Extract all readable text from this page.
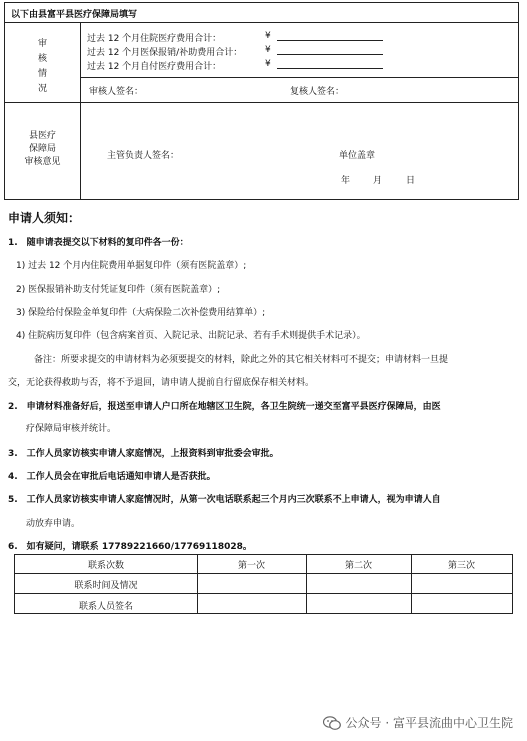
以下由县富平县医疗保障局填写
审
核
情
况
过去 12 个月住院医疗费用合计：	¥
过去 12 个月医保报销/补助费用合计：	¥
过去 12 个月自付医疗费用合计：	¥
审核人签名：	复核人签名：
县医疗
保障局
审核意见
主管负责人签名：	单位盖章
年	月	日
申请人须知：
1.　随申请表提交以下材料的复印件各一份：
1) 过去 12 个月内住院费用单据复印件（须有医院盖章）;
2) 医保报销补助支付凭证复印件（须有医院盖章）;
3) 保险给付保险金单复印件（大病保险二次补偿费用结算单）;
4) 住院病历复印件（包含病案首页、入院记录、出院记录、若有手术则提供手术记录）。
备注：所要求提交的申请材料为必须要提交的材料，除此之外的其它相关材料可不提交；申请材料一旦提
交，无论获得救助与否，将不予退回，请申请人提前自行留底保存相关材料。
2.　申请材料准备好后，报送至申请人户口所在地辖区卫生院，各卫生院统一递交至富平县医疗保障局，由医
疗保障局审核并统计。
3.　工作人员家访核实申请人家庭情况，上报资料到审批委会审批。
4.　工作人员会在审批后电话通知申请人是否获批。
5.　工作人员家访核实申请人家庭情况时，从第一次电话联系起三个月内三次联系不上申请人，视为申请人自
动放弃申请。
6.　如有疑问，请联系 17789221660/17769118028。
联系次数	第一次	第二次	第三次
联系时间及情况
联系人员签名
公众号 · 富平县流曲中心卫生院
